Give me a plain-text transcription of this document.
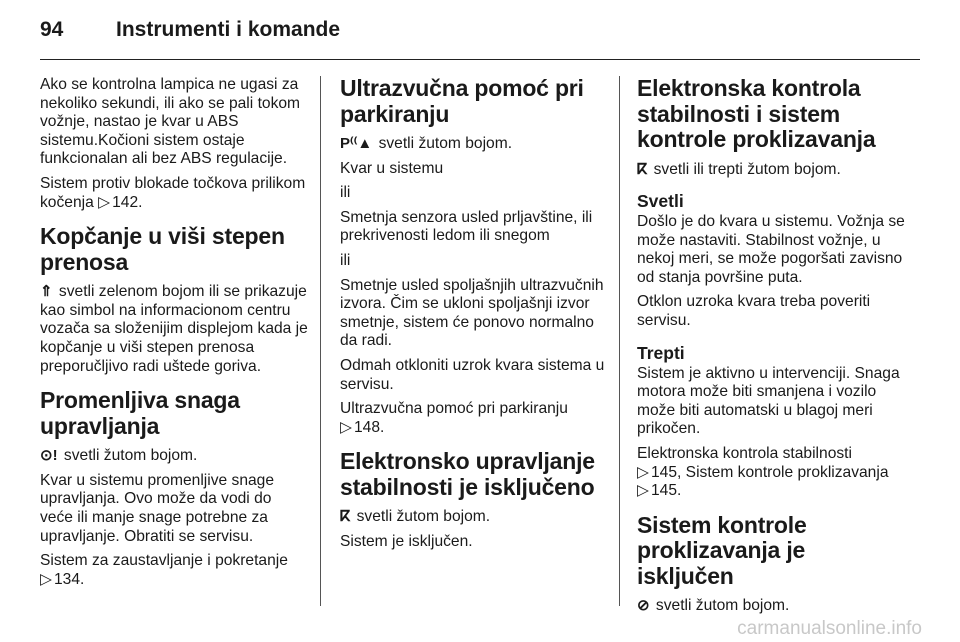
94	Instrumenti i komande

Ako se kontrolna lampica ne ugasi za nekoliko sekundi, ili ako se pali tokom vožnje, nastao je kvar u ABS sistemu.Kočioni sistem ostaje funkcionalan ali bez ABS regulacije.

Sistem protiv blokade točkova prilikom kočenja ▷ 142.

Kopčanje u viši stepen prenosa

⇑ svetli zelenom bojom ili se prikazuje kao simbol na informacionom centru vozača sa složenijim displejom kada je kopčanje u viši stepen prenosa preporučljivo radi uštede goriva.

Promenljiva snaga upravljanja

⊙! svetli žutom bojom.

Kvar u sistemu promenljive snage upravljanja. Ovo može da vodi do veće ili manje snage potrebne za upravljanje. Obratiti se servisu.

Sistem za zaustavljanje i pokretanje
▷ 134.

Ultrazvučna pomoć pri parkiranju

P⁽⁽▲ svetli žutom bojom.

Kvar u sistemu

ili

Smetnja senzora usled prljavštine, ili prekrivenosti ledom ili snegom

ili

Smetnje usled spoljašnjih ultrazvučnih izvora. Čim se ukloni spoljašnji izvor smetnje, sistem će ponovo normalno da radi.

Odmah otkloniti uzrok kvara sistema u servisu.

Ultrazvučna pomoć pri parkiranju
▷ 148.

Elektronsko upravljanje stabilnosti je isključeno

ⴽ svetli žutom bojom.

Sistem je isključen.

Elektronska kontrola stabilnosti i sistem kontrole proklizavanja

ⴽ svetli ili trepti žutom bojom.

Svetli

Došlo je do kvara u sistemu. Vožnja se može nastaviti. Stabilnost vožnje, u nekoj meri, se može pogoršati zavisno od stanja površine puta.

Otklon uzroka kvara treba poveriti servisu.

Trepti

Sistem je aktivno u intervenciji. Snaga motora može biti smanjena i vozilo može biti automatski u blagoj meri prikočen.

Elektronska kontrola stabilnosti
▷ 145, Sistem kontrole proklizavanja
▷ 145.

Sistem kontrole proklizavanja je isključen

⊘ svetli žutom bojom.

carmanualsonline.info
